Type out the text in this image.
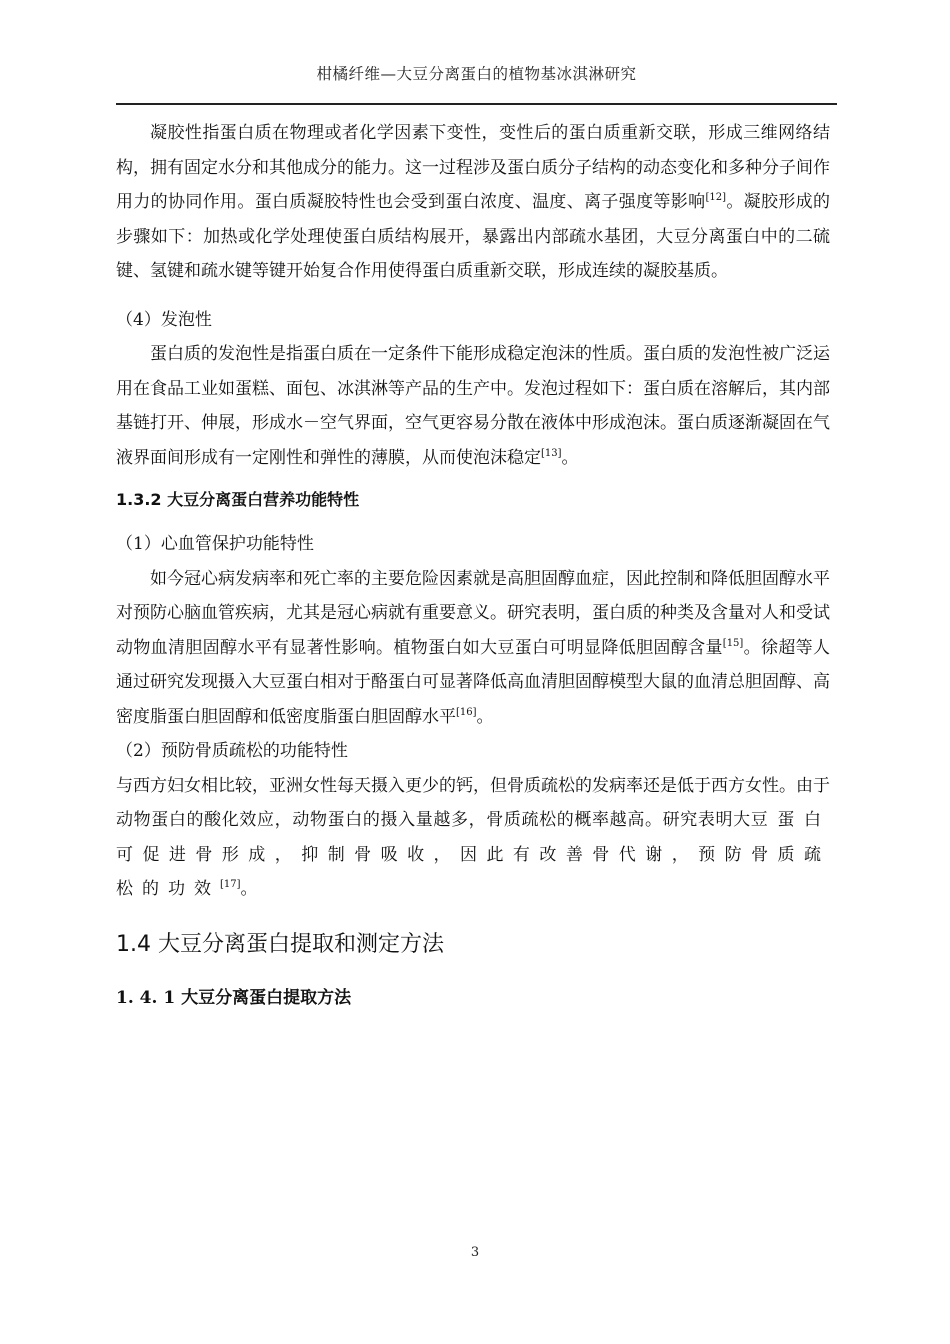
柑橘纤维—大豆分离蛋白的植物基冰淇淋研究

凝胶性指蛋白质在物理或者化学因素下变性，变性后的蛋白质重新交联，形成三维网络结构，拥有固定水分和其他成分的能力。这一过程涉及蛋白质分子结构的动态变化和多种分子间作用力的协同作用。蛋白质凝胶特性也会受到蛋白浓度、温度、离子强度等影响[12]。凝胶形成的步骤如下：加热或化学处理使蛋白质结构展开，暴露出内部疏水基团，大豆分离蛋白中的二硫键、氢键和疏水键等键开始复合作用使得蛋白质重新交联，形成连续的凝胶基质。

（4）发泡性

蛋白质的发泡性是指蛋白质在一定条件下能形成稳定泡沫的性质。蛋白质的发泡性被广泛运用在食品工业如蛋糕、面包、冰淇淋等产品的生产中。发泡过程如下：蛋白质在溶解后，其内部基链打开、伸展，形成水－空气界面，空气更容易分散在液体中形成泡沫。蛋白质逐渐凝固在气液界面间形成有一定刚性和弹性的薄膜，从而使泡沫稳定[13]。

1.3.2 大豆分离蛋白营养功能特性

（1）心血管保护功能特性

如今冠心病发病率和死亡率的主要危险因素就是高胆固醇血症，因此控制和降低胆固醇水平对预防心脑血管疾病，尤其是冠心病就有重要意义。研究表明，蛋白质的种类及含量对人和受试动物血清胆固醇水平有显著性影响。植物蛋白如大豆蛋白可明显降低胆固醇含量[15]。徐超等人通过研究发现摄入大豆蛋白相对于酪蛋白可显著降低高血清胆固醇模型大鼠的血清总胆固醇、高密度脂蛋白胆固醇和低密度脂蛋白胆固醇水平[16]。

（2）预防骨质疏松的功能特性

与西方妇女相比较，亚洲女性每天摄入更少的钙，但骨质疏松的发病率还是低于西方女性。由于动物蛋白的酸化效应，动物蛋白的摄入量越多，骨质疏松的概率越高。研究表明大豆蛋白可促进骨形成，抑制骨吸收，因此有改善骨代谢，预防骨质疏松的功效[17]。

1.4 大豆分离蛋白提取和测定方法
1. 4. 1 大豆分离蛋白提取方法
3
